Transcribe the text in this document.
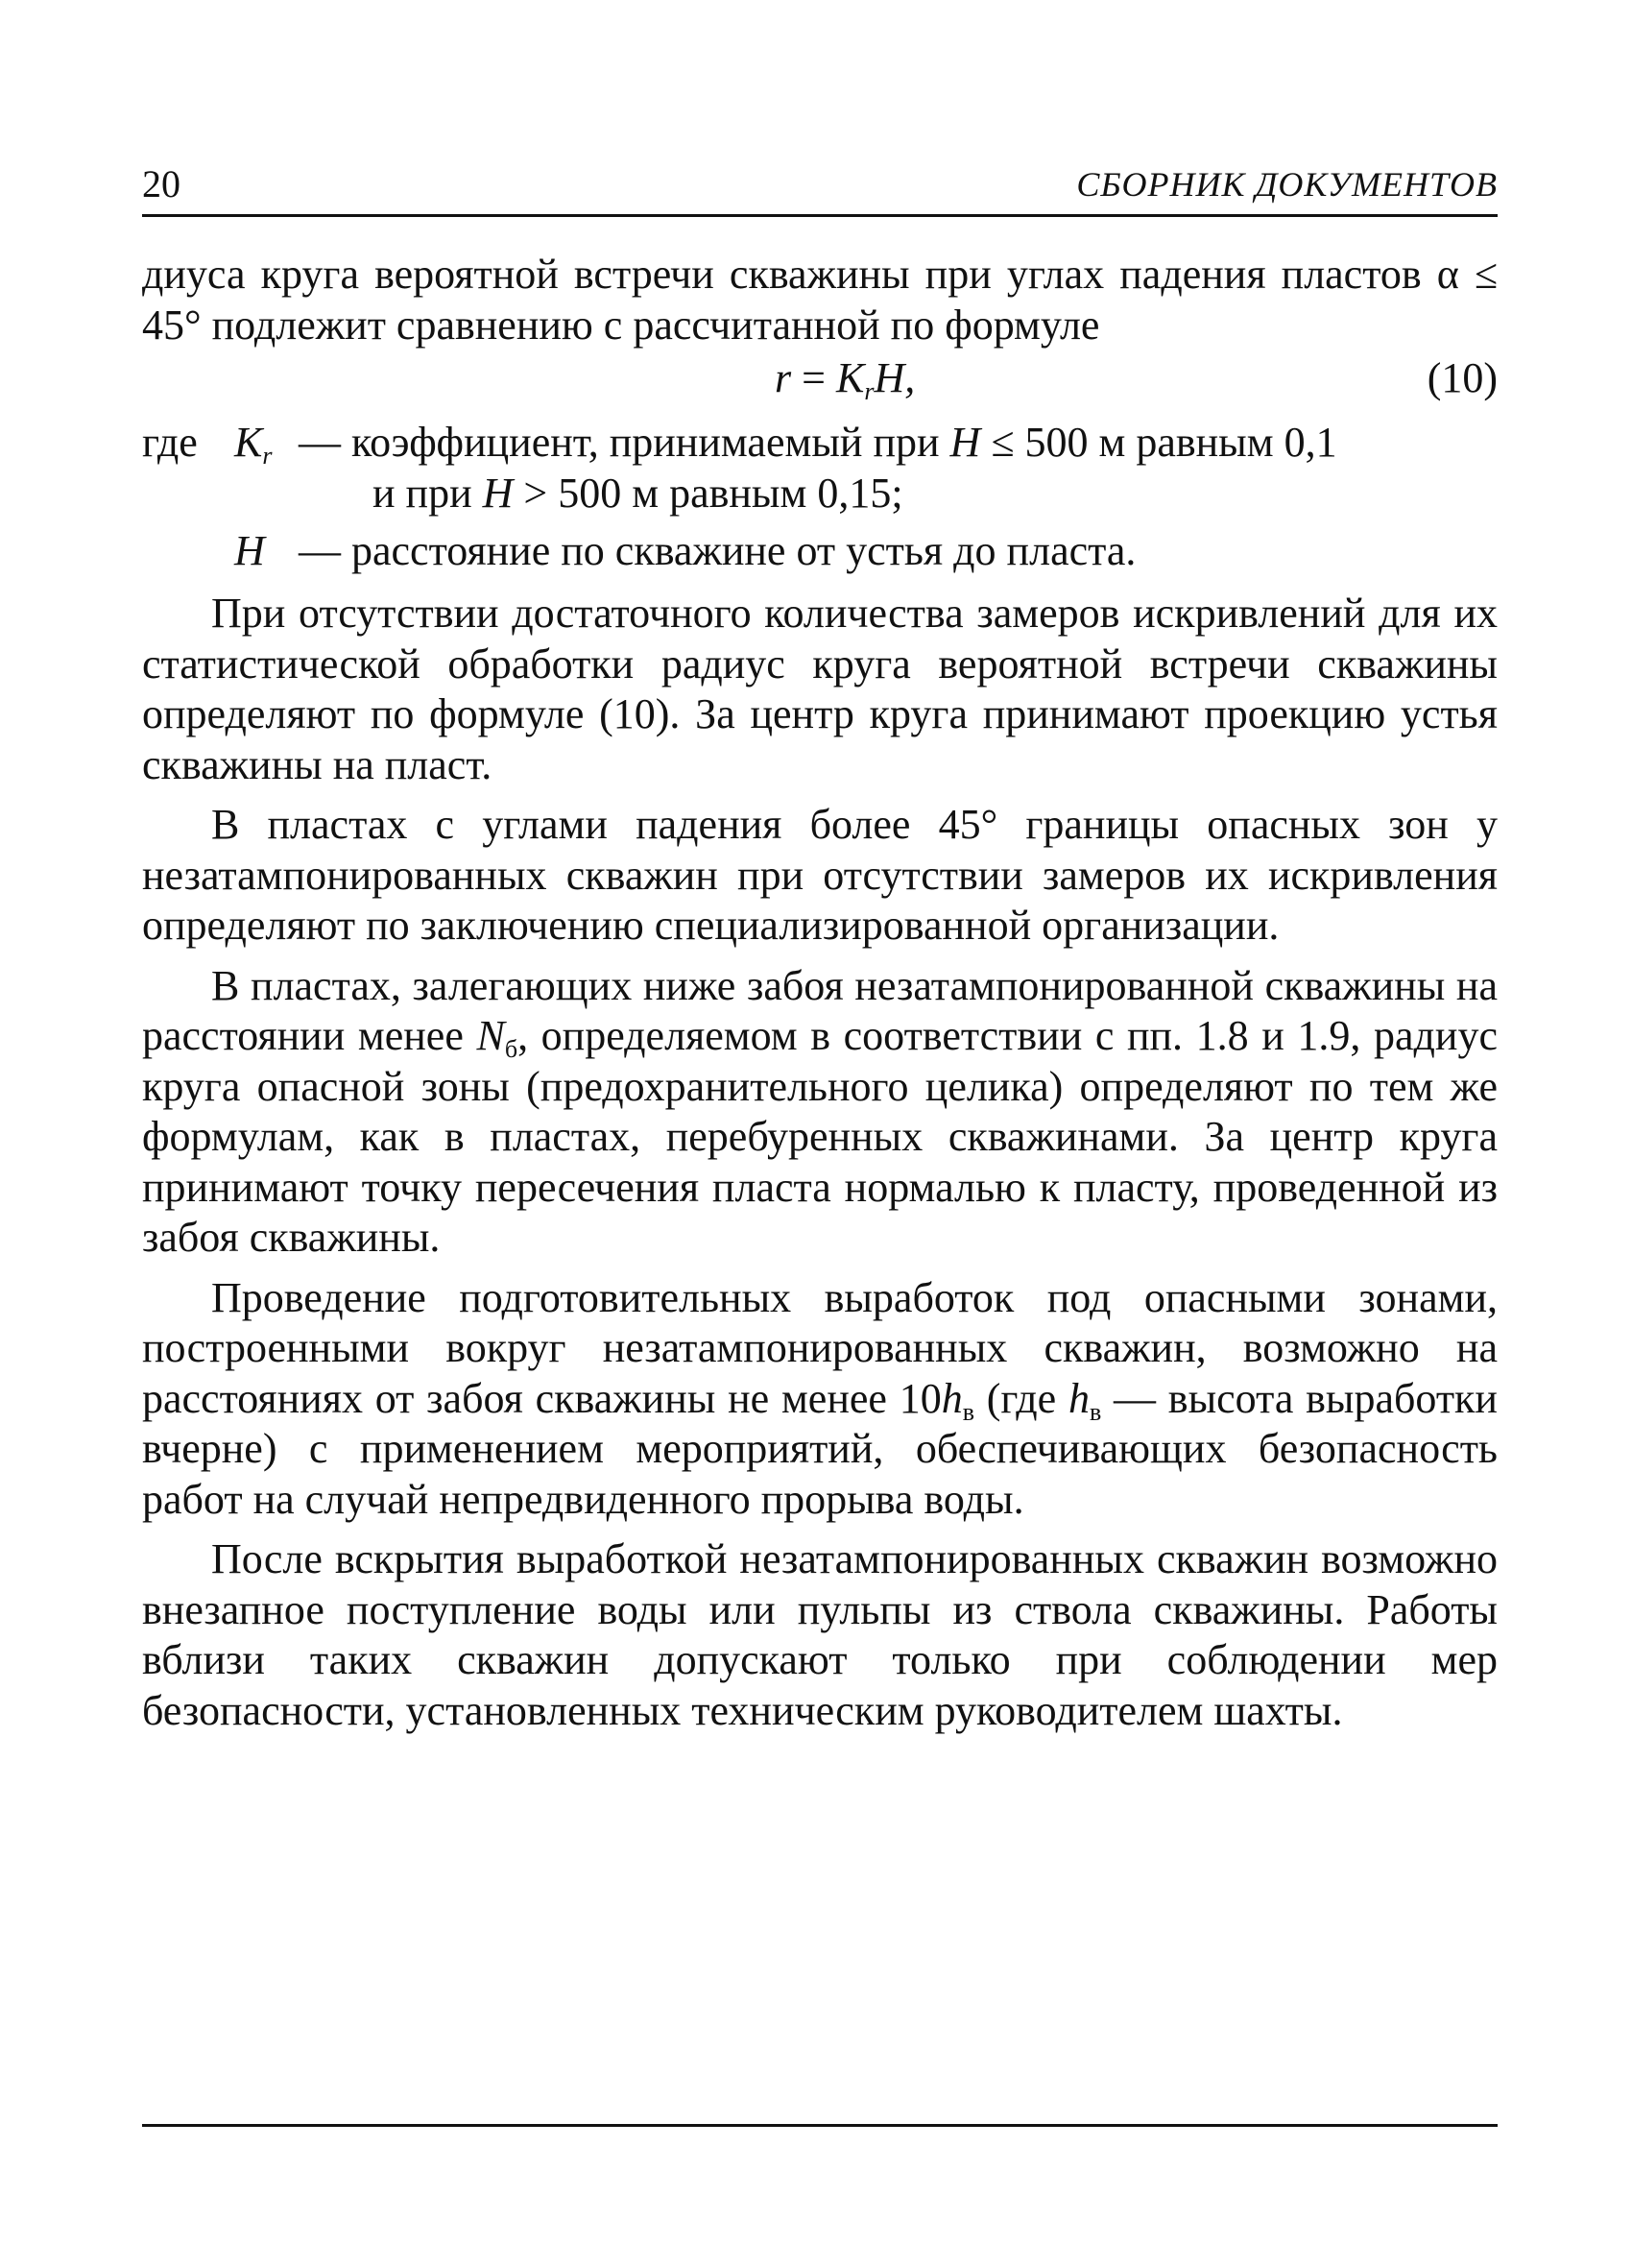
20	СБОРНИК ДОКУМЕНТОВ

диуса круга вероятной встречи скважины при углах падения пластов α ≤ 45° подлежит сравнению с рассчитанной по формуле

$r = K_rH$,	(10)
где $K_r$ — коэффициент, принимаемый при H ≤ 500 м равным 0,1
и при H > 500 м равным 0,15;
H — расстояние по скважине от устья до пласта.

При отсутствии достаточного количества замеров искривлений для их статистической обработки радиус круга вероятной встречи скважины определяют по формуле (10). За центр круга принимают проекцию устья скважины на пласт.

В пластах с углами падения более 45° границы опасных зон у незатампонированных скважин при отсутствии замеров их искривления определяют по заключению специализированной организации.

В пластах, залегающих ниже забоя незатампонированной скважины на расстоянии менее $N_б$, определяемом в соответствии с пп. 1.8 и 1.9, радиус круга опасной зоны (предохранительного целика) определяют по тем же формулам, как в пластах, перебуренных скважинами. За центр круга принимают точку пересечения пласта нормалью к пласту, проведенной из забоя скважины.

Проведение подготовительных выработок под опасными зонами, построенными вокруг незатампонированных скважин, возможно на расстояниях от забоя скважины не менее $10h_в$ (где $h_в$ — высота выработки вчерне) с применением мероприятий, обеспечивающих безопасность работ на случай непредвиденного прорыва воды.

После вскрытия выработкой незатампонированных скважин возможно внезапное поступление воды или пульпы из ствола скважины. Работы вблизи таких скважин допускают только при соблюдении мер безопасности, установленных техническим руководителем шахты.
